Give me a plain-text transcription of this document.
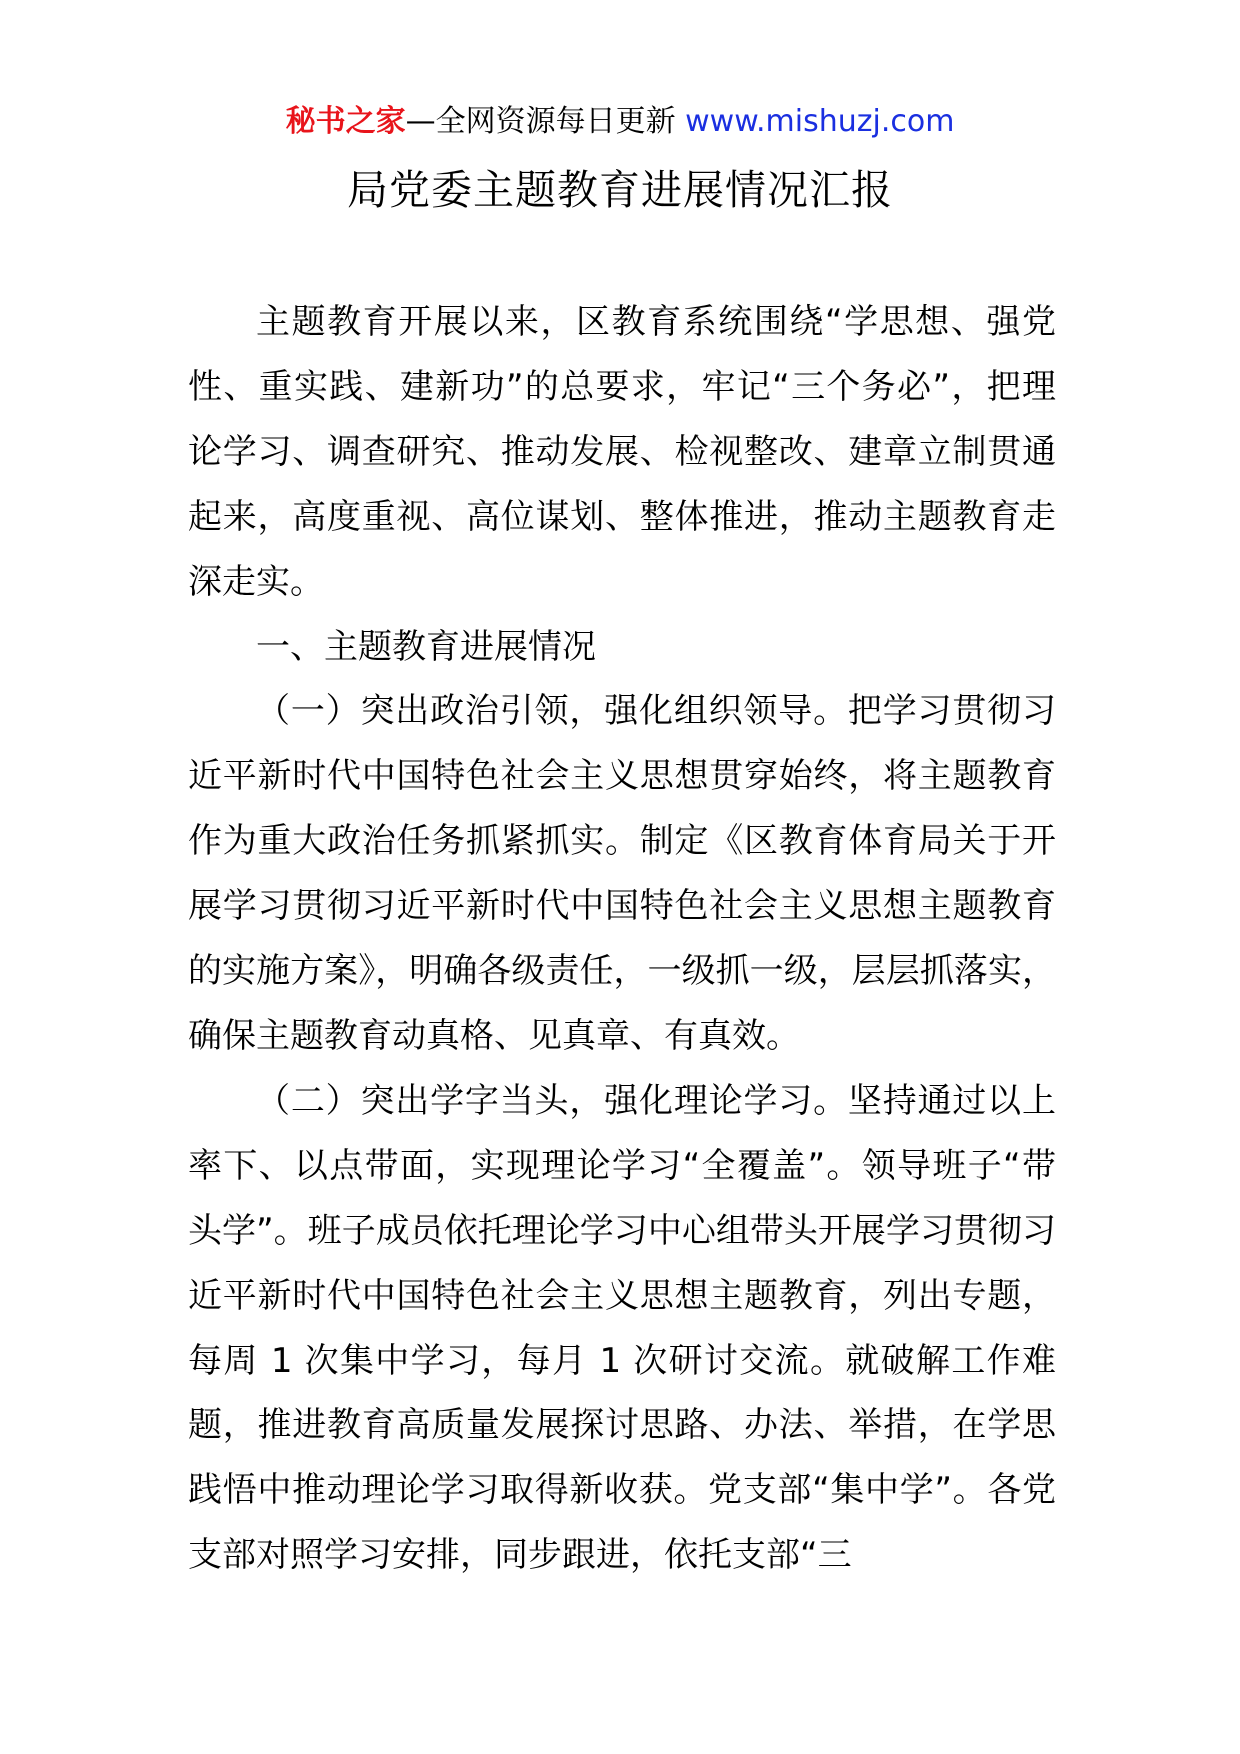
秘书之家—全网资源每日更新 www.mishuzj.com
局党委主题教育进展情况汇报

主题教育开展以来，区教育系统围绕“学思想、强党性、重实践、建新功”的总要求，牢记“三个务必”，把理论学习、调查研究、推动发展、检视整改、建章立制贯通起来，高度重视、高位谋划、整体推进，推动主题教育走深走实。

一、主题教育进展情况

（一）突出政治引领，强化组织领导。把学习贯彻习近平新时代中国特色社会主义思想贯穿始终，将主题教育作为重大政治任务抓紧抓实。制定《区教育体育局关于开展学习贯彻习近平新时代中国特色社会主义思想主题教育的实施方案》，明确各级责任，一级抓一级，层层抓落实，确保主题教育动真格、见真章、有真效。

（二）突出学字当头，强化理论学习。坚持通过以上率下、以点带面，实现理论学习“全覆盖”。领导班子“带头学”。班子成员依托理论学习中心组带头开展学习贯彻习近平新时代中国特色社会主义思想主题教育，列出专题，每周 1 次集中学习，每月 1 次研讨交流。就破解工作难题，推进教育高质量发展探讨思路、办法、举措，在学思践悟中推动理论学习取得新收获。党支部“集中学”。各党支部对照学习安排，同步跟进，依托支部“三
